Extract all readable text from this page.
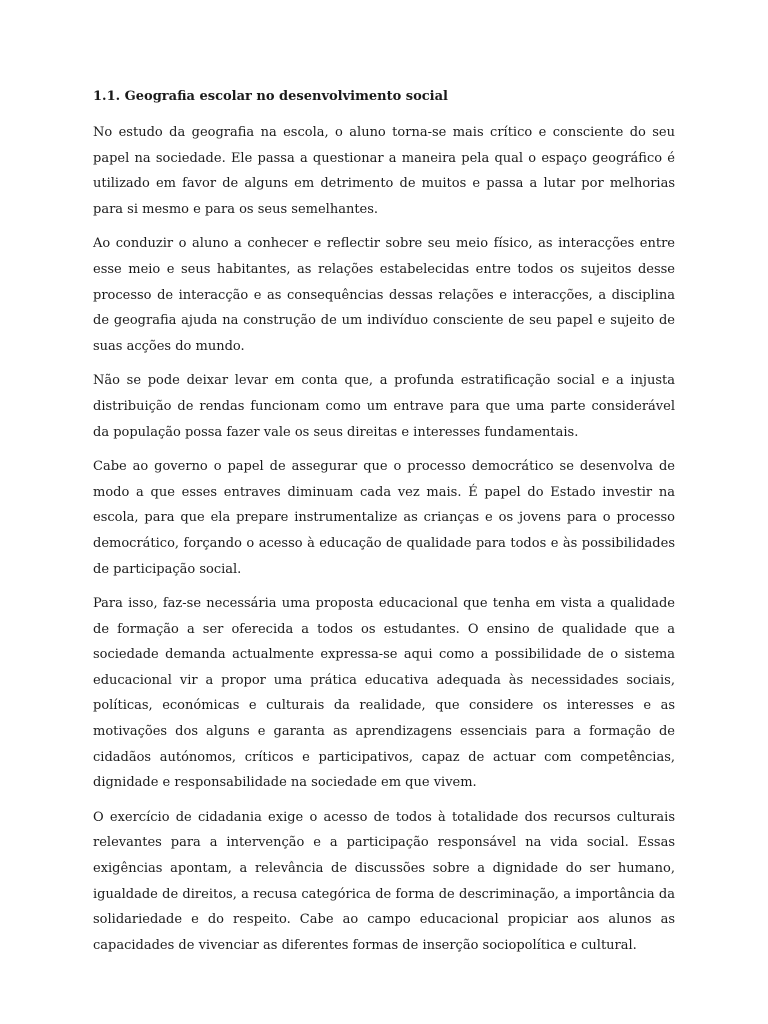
1.1. Geografia escolar no desenvolvimento social

No estudo da geografia na escola, o aluno torna-se mais crítico e consciente do seu papel na sociedade. Ele passa a questionar a maneira pela qual o espaço geográfico é utilizado em favor de alguns em detrimento de muitos e passa a lutar por melhorias para si mesmo e para os seus semelhantes.

Ao conduzir o aluno a conhecer e reflectir sobre seu meio físico, as interacções entre esse meio e seus habitantes, as relações estabelecidas entre todos os sujeitos desse processo de interacção e as consequências dessas relações e interacções, a disciplina de geografia ajuda na construção de um indivíduo consciente de seu papel e sujeito de suas acções do mundo.

Não se pode deixar levar em conta que, a profunda estratificação social e a injusta distribuição de rendas funcionam como um entrave para que uma parte considerável da população possa fazer vale os seus direitas e interesses fundamentais.

Cabe ao governo o papel de assegurar que o processo democrático se desenvolva de modo a que esses entraves diminuam cada vez mais. É papel do Estado investir na escola, para que ela prepare instrumentalize as crianças e os jovens para o processo democrático, forçando o acesso à educação de qualidade para todos e às possibilidades de participação social.

Para isso, faz-se necessária uma proposta educacional que tenha em vista a qualidade de formação a ser oferecida a todos os estudantes. O ensino de qualidade que a sociedade demanda actualmente expressa-se aqui como a possibilidade de o sistema educacional vir a propor uma prática educativa adequada às necessidades sociais, políticas, económicas e culturais da realidade, que considere os interesses e as motivações dos alguns e garanta as aprendizagens essenciais para a formação de cidadãos autónomos, críticos e participativos, capaz de actuar com competências, dignidade e responsabilidade na sociedade em que vivem.

O exercício de cidadania exige o acesso de todos à totalidade dos recursos culturais relevantes para a intervenção e a participação responsável na vida social. Essas exigências apontam, a relevância de discussões sobre a dignidade do ser humano, igualdade de direitos, a recusa categórica de forma de descriminação, a importância da solidariedade e do respeito. Cabe ao campo educacional propiciar aos alunos as capacidades de vivenciar as diferentes formas de inserção sociopolítica e cultural.
